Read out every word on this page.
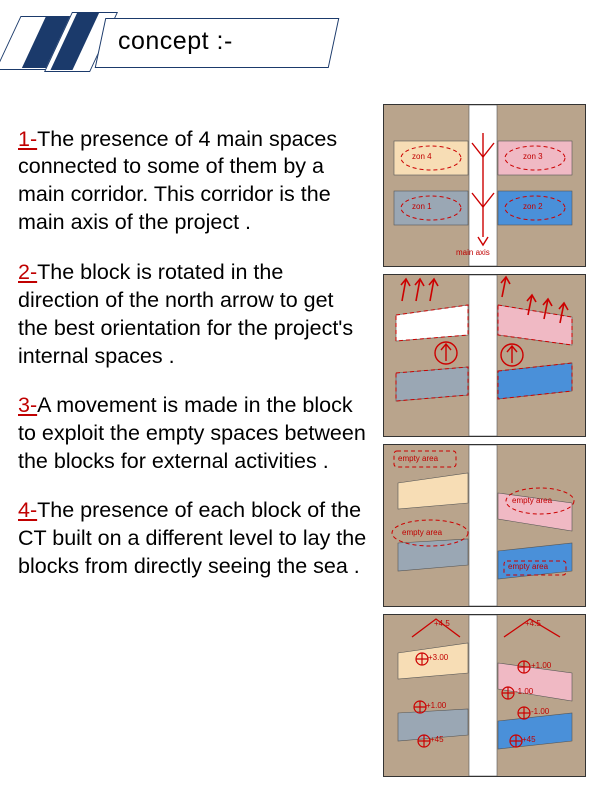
concept :-

1-The presence of 4 main spaces connected to some of them by a main corridor. This corridor is the main axis of the project .

2-The block is rotated in the direction of the north arrow to get the best orientation for the project's internal spaces .

3-A movement is made in the block to exploit the empty spaces between the blocks for external activities .

4-The presence of each block of the CT built on a different level to lay the blocks from directly seeing the sea .

zon 4	zon 3
zon 1	zon 2
main axis
empty area
empty area
empty area
empty area
+4.5	+4.5
+3.00
+1.00
-1.00
+1.00
-1.00
+45	+45
